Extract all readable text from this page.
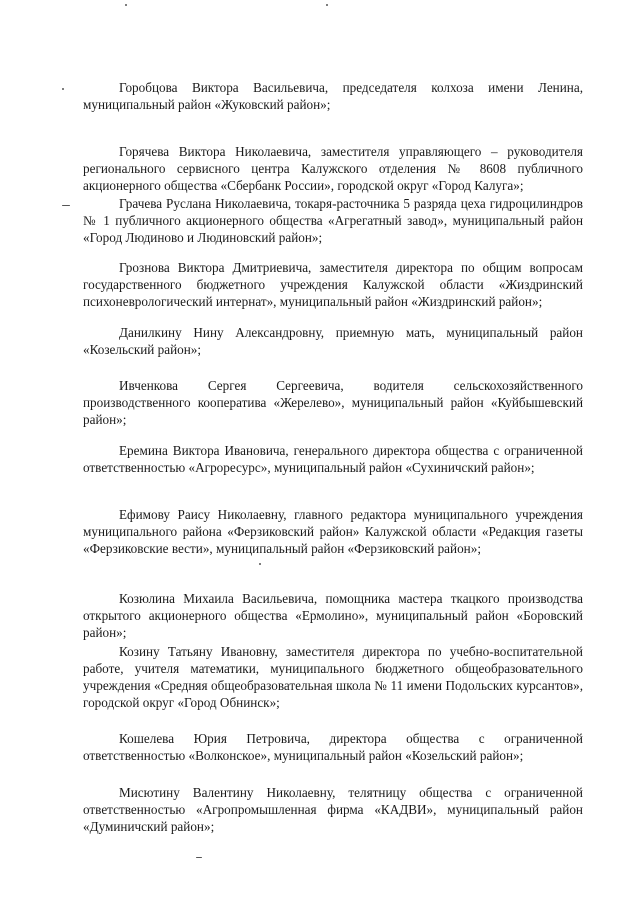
Горобцова Виктора Васильевича, председателя колхоза имени Ленина, муниципальный район «Жуковский район»;

Горячева Виктора Николаевича, заместителя управляющего – руководителя регионального сервисного центра Калужского отделения № 8608 публичного акционерного общества «Сбербанк России», городской округ «Город Калуга»;

Грачева Руслана Николаевича, токаря-расточника 5 разряда цеха гидроцилиндров № 1 публичного акционерного общества «Агрегатный завод», муниципальный район «Город Людиново и Людиновский район»;

Грознова Виктора Дмитриевича, заместителя директора по общим вопросам государственного бюджетного учреждения Калужской области «Жиздринский психоневрологический интернат», муниципальный район «Жиздринский район»;

Данилкину Нину Александровну, приемную мать, муниципальный район «Козельский район»;

Ивченкова Сергея Сергеевича, водителя сельскохозяйственного производственного кооператива «Жерелево», муниципальный район «Куйбышевский район»;

Еремина Виктора Ивановича, генерального директора общества с ограниченной ответственностью «Агроресурс», муниципальный район «Сухиничский район»;

Ефимову Раису Николаевну, главного редактора муниципального учреждения муниципального района «Ферзиковский район» Калужской области «Редакция газеты «Ферзиковские вести», муниципальный район «Ферзиковский район»;

Козюлина Михаила Васильевича, помощника мастера ткацкого производства открытого акционерного общества «Ермолино», муниципальный район «Боровский район»;

Козину Татьяну Ивановну, заместителя директора по учебно-воспитательной работе, учителя математики, муниципального бюджетного общеобразовательного учреждения «Средняя общеобразовательная школа № 11 имени Подольских курсантов», городской округ «Город Обнинск»;

Кошелева Юрия Петровича, директора общества с ограниченной ответственностью «Волконское», муниципальный район «Козельский район»;

Мисютину Валентину Николаевну, телятницу общества с ограниченной ответственностью «Агропромышленная фирма «КАДВИ», муниципальный район «Думиничский район»;
